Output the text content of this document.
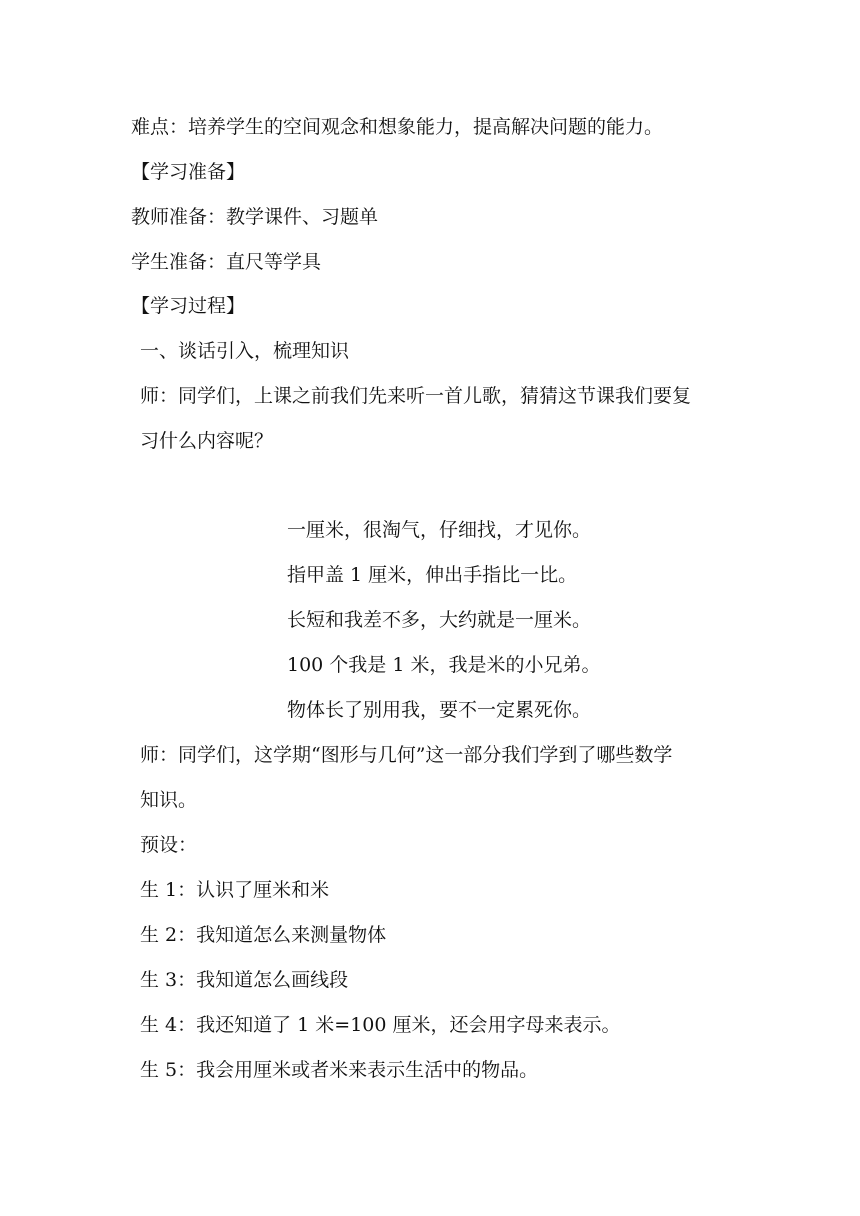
难点：培养学生的空间观念和想象能力，提高解决问题的能力。
【学习准备】
教师准备：教学课件、习题单
学生准备：直尺等学具
【学习过程】
一、谈话引入，梳理知识
师：同学们，上课之前我们先来听一首儿歌，猜猜这节课我们要复
习什么内容呢？
一厘米，很淘气，仔细找，才见你。
指甲盖 1 厘米，伸出手指比一比。
长短和我差不多，大约就是一厘米。
100 个我是 1 米，我是米的小兄弟。
物体长了别用我，要不一定累死你。
师：同学们，这学期“图形与几何”这一部分我们学到了哪些数学
知识。
预设：
生 1：认识了厘米和米
生 2：我知道怎么来测量物体
生 3：我知道怎么画线段
生 4：我还知道了 1 米=100 厘米，还会用字母来表示。
生 5：我会用厘米或者米来表示生活中的物品。
